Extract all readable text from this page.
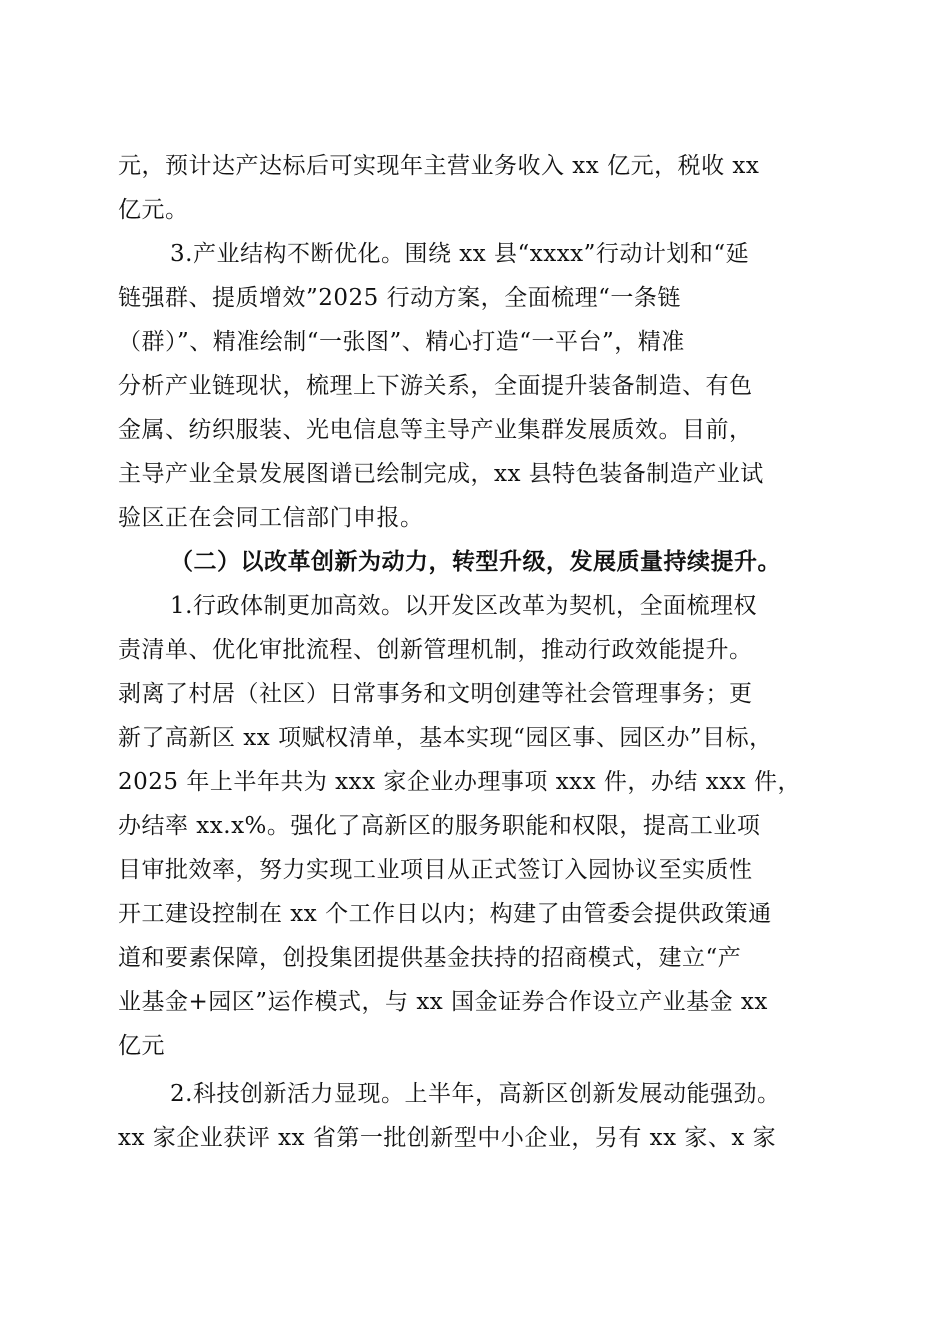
元，预计达产达标后可实现年主营业务收入 xx 亿元，税收 xx
亿元。
3.产业结构不断优化。围绕 xx 县“xxxx”行动计划和“延
链强群、提质增效”2025 行动方案，全面梳理“一条链
（群）”、精准绘制“一张图”、精心打造“一平台”，精准
分析产业链现状，梳理上下游关系，全面提升装备制造、有色
金属、纺织服装、光电信息等主导产业集群发展质效。目前，
主导产业全景发展图谱已绘制完成，xx 县特色装备制造产业试
验区正在会同工信部门申报。
（二）以改革创新为动力，转型升级，发展质量持续提升。
1.行政体制更加高效。以开发区改革为契机，全面梳理权
责清单、优化审批流程、创新管理机制，推动行政效能提升。
剥离了村居（社区）日常事务和文明创建等社会管理事务；更
新了高新区 xx 项赋权清单，基本实现“园区事、园区办”目标，
2025 年上半年共为 xxx 家企业办理事项 xxx 件，办结 xxx 件，
办结率 xx.x%。强化了高新区的服务职能和权限，提高工业项
目审批效率，努力实现工业项目从正式签订入园协议至实质性
开工建设控制在 xx 个工作日以内；构建了由管委会提供政策通
道和要素保障，创投集团提供基金扶持的招商模式，建立“产
业基金+园区”运作模式，与 xx 国金证券合作设立产业基金 xx
亿元
2.科技创新活力显现。上半年，高新区创新发展动能强劲。
xx 家企业获评 xx 省第一批创新型中小企业，另有 xx 家、x 家
